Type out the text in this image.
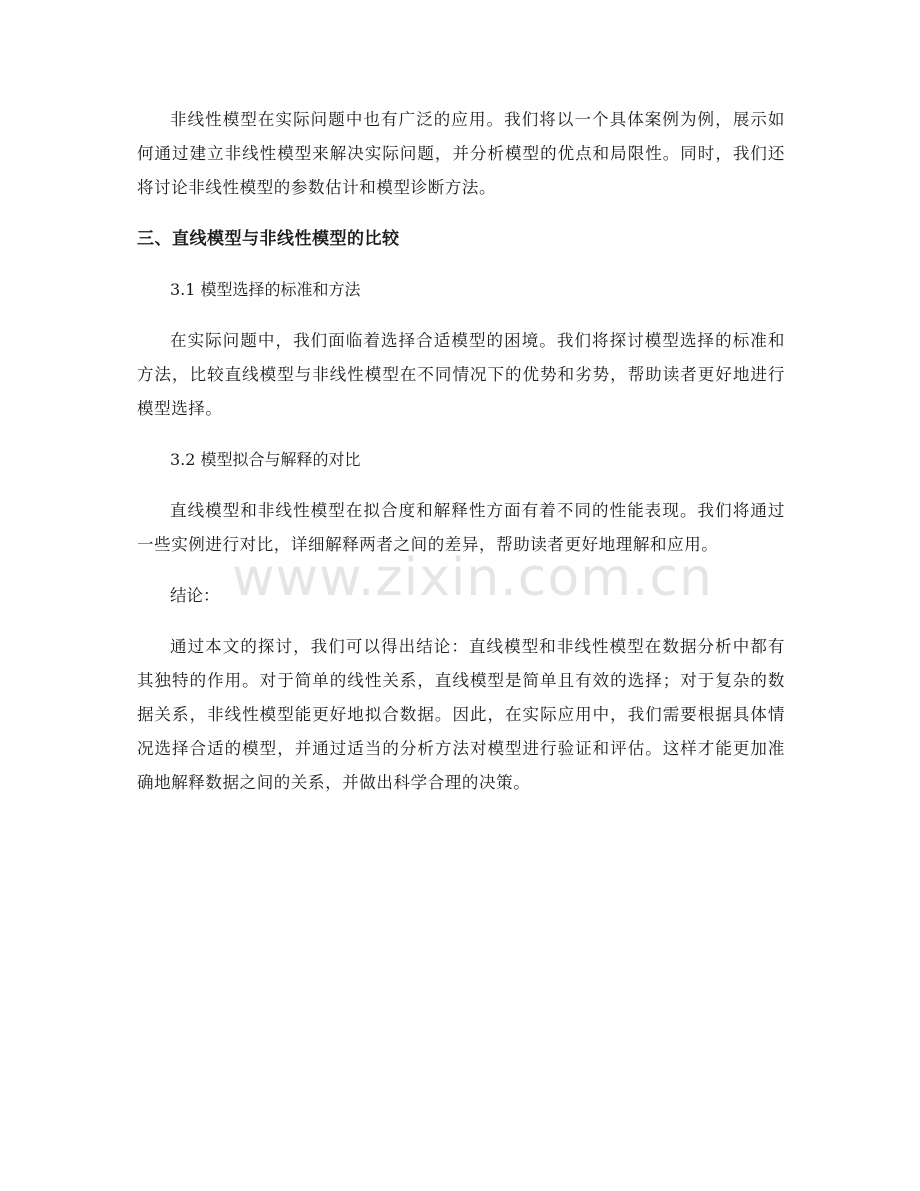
非线性模型在实际问题中也有广泛的应用。我们将以一个具体案例为例，展示如何通过建立非线性模型来解决实际问题，并分析模型的优点和局限性。同时，我们还将讨论非线性模型的参数估计和模型诊断方法。

三、直线模型与非线性模型的比较

3.1 模型选择的标准和方法

在实际问题中，我们面临着选择合适模型的困境。我们将探讨模型选择的标准和方法，比较直线模型与非线性模型在不同情况下的优势和劣势，帮助读者更好地进行模型选择。

3.2 模型拟合与解释的对比

直线模型和非线性模型在拟合度和解释性方面有着不同的性能表现。我们将通过一些实例进行对比，详细解释两者之间的差异，帮助读者更好地理解和应用。

结论：

通过本文的探讨，我们可以得出结论：直线模型和非线性模型在数据分析中都有其独特的作用。对于简单的线性关系，直线模型是简单且有效的选择；对于复杂的数据关系，非线性模型能更好地拟合数据。因此，在实际应用中，我们需要根据具体情况选择合适的模型，并通过适当的分析方法对模型进行验证和评估。这样才能更加准确地解释数据之间的关系，并做出科学合理的决策。

www.zixin.com.cn
